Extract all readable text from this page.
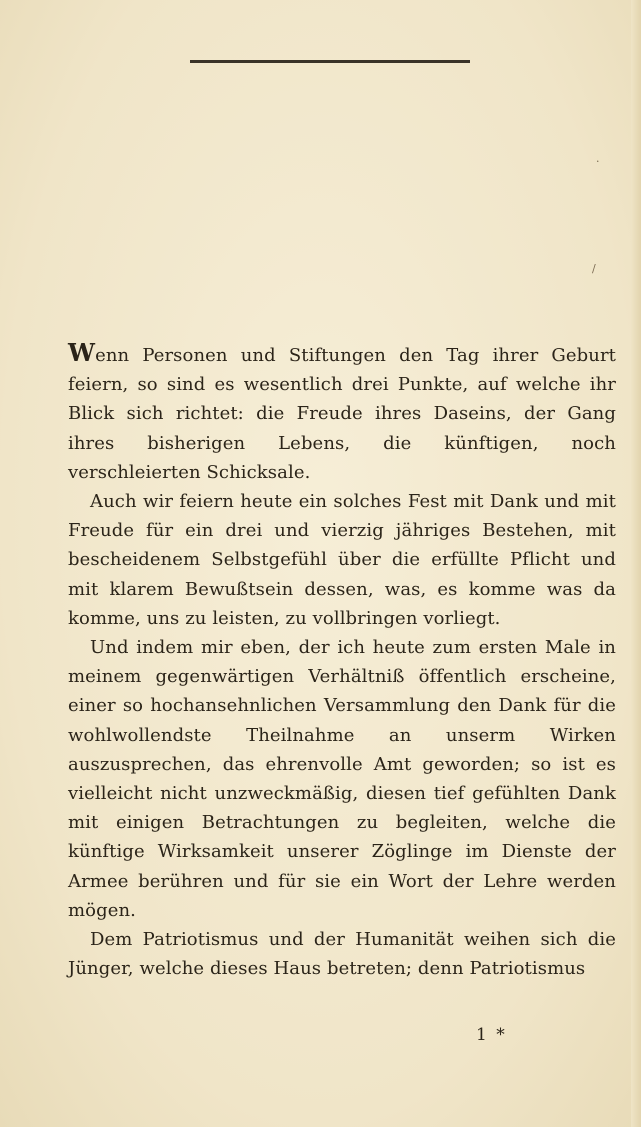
/
·

Wenn Personen und Stiftungen den Tag ihrer Geburt feiern, so sind es wesentlich drei Punkte, auf welche ihr Blick sich richtet: die Freude ihres Daseins, der Gang ihres bisherigen Lebens, die künftigen, noch verschleierten Schicksale.

Auch wir feiern heute ein solches Fest mit Dank und mit Freude für ein drei und vierzig jähriges Bestehen, mit bescheidenem Selbstgefühl über die erfüllte Pflicht und mit klarem Bewußtsein dessen, was, es komme was da komme, uns zu leisten, zu vollbringen vorliegt.

Und indem mir eben, der ich heute zum ersten Male in meinem gegenwärtigen Verhältniß öffentlich erscheine, einer so hochansehnlichen Versammlung den Dank für die wohlwollendste Theilnahme an unserm Wirken auszusprechen, das ehrenvolle Amt geworden; so ist es vielleicht nicht unzweckmäßig, diesen tief gefühlten Dank mit einigen Betrachtungen zu begleiten, welche die künftige Wirksamkeit unserer Zöglinge im Dienste der Armee berühren und für sie ein Wort der Lehre werden mögen.

Dem Patriotismus und der Humanität weihen sich die Jünger, welche dieses Haus betreten; denn Patriotismus

1 *
